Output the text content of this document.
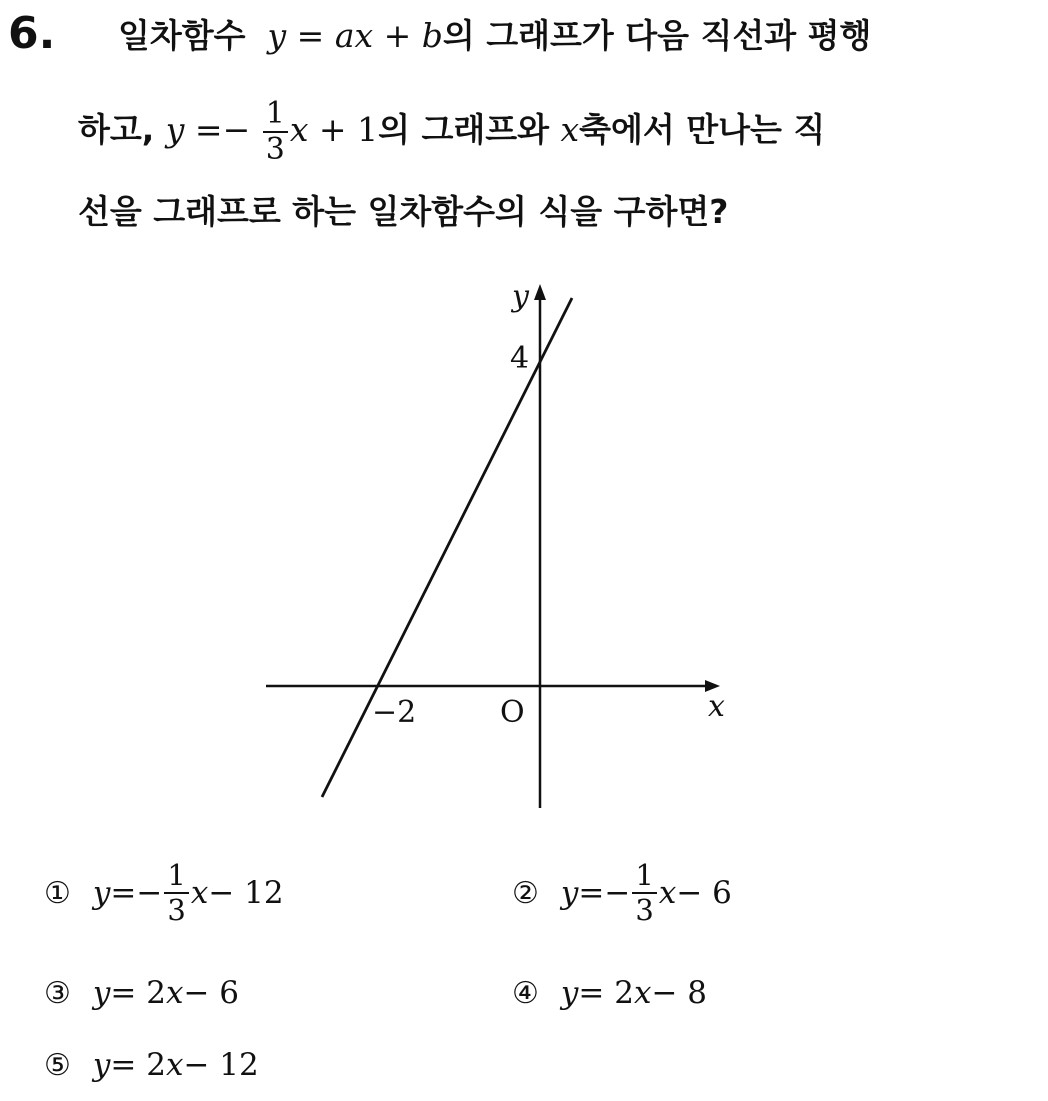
6. 일차함수 y = ax + b의 그래프가 다음 직선과 평행
하고, $y =- \frac{1}{3}$ x + 1의 그래프와 x축에서 만나는 직
선을 그래프로 하는 일차함수의 식을 구하면?
y
4
−2	O	x
① $y =- \frac{1}{3}$ x − 12	② $y =- \frac{1}{3}$ x − 6
③ y = 2 x − 6	④ y = 2 x − 8
⑤ y = 2 x − 12
